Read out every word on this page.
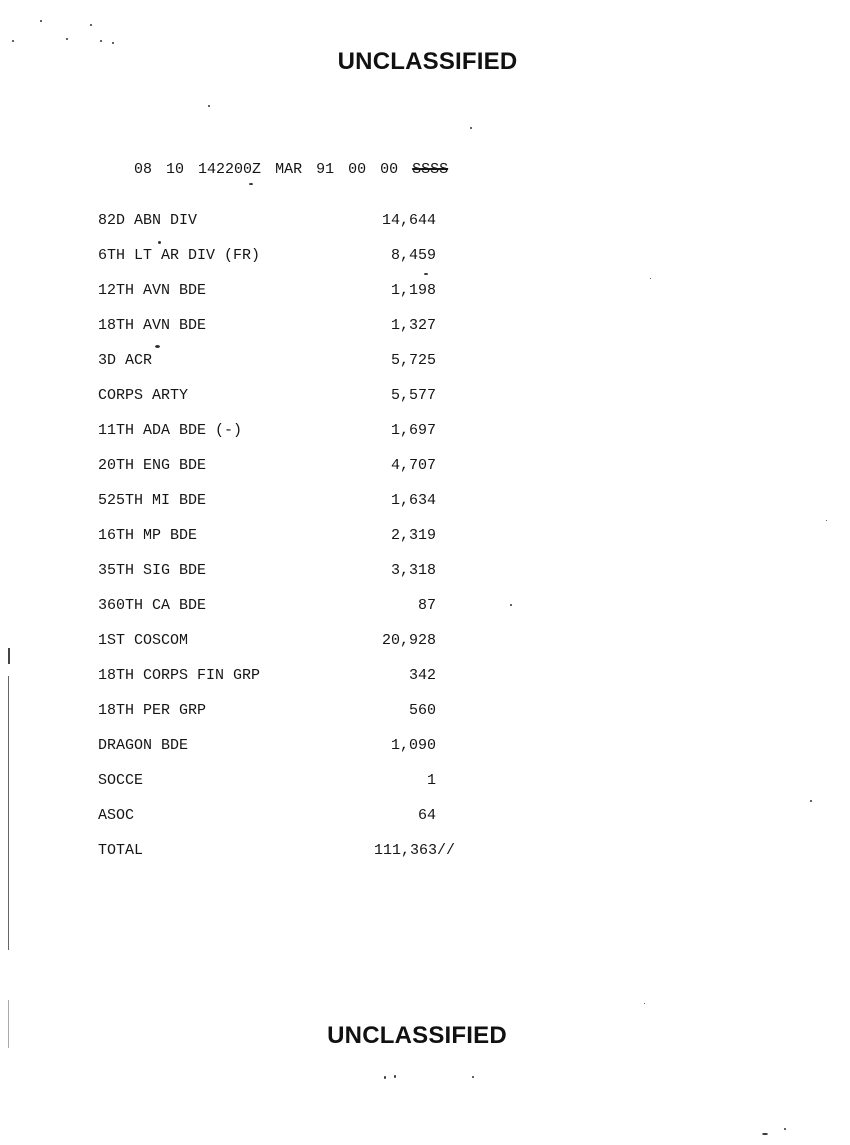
UNCLASSIFIED

08 10 142200Z MAR 91 00 00 SSSS

82D ABN DIV	14,644
6TH LT AR DIV (FR)	8,459
12TH AVN BDE	1,198
18TH AVN BDE	1,327
3D ACR	5,725
CORPS ARTY	5,577
11TH ADA BDE (-)	1,697
20TH ENG BDE	4,707
525TH MI BDE	1,634
16TH MP BDE	2,319
35TH SIG BDE	3,318
360TH CA BDE	87
1ST COSCOM	20,928
18TH CORPS FIN GRP	342
18TH PER GRP	560
DRAGON BDE	1,090
SOCCE	1
ASOC	64
TOTAL	111,363//
UNCLASSIFIED
